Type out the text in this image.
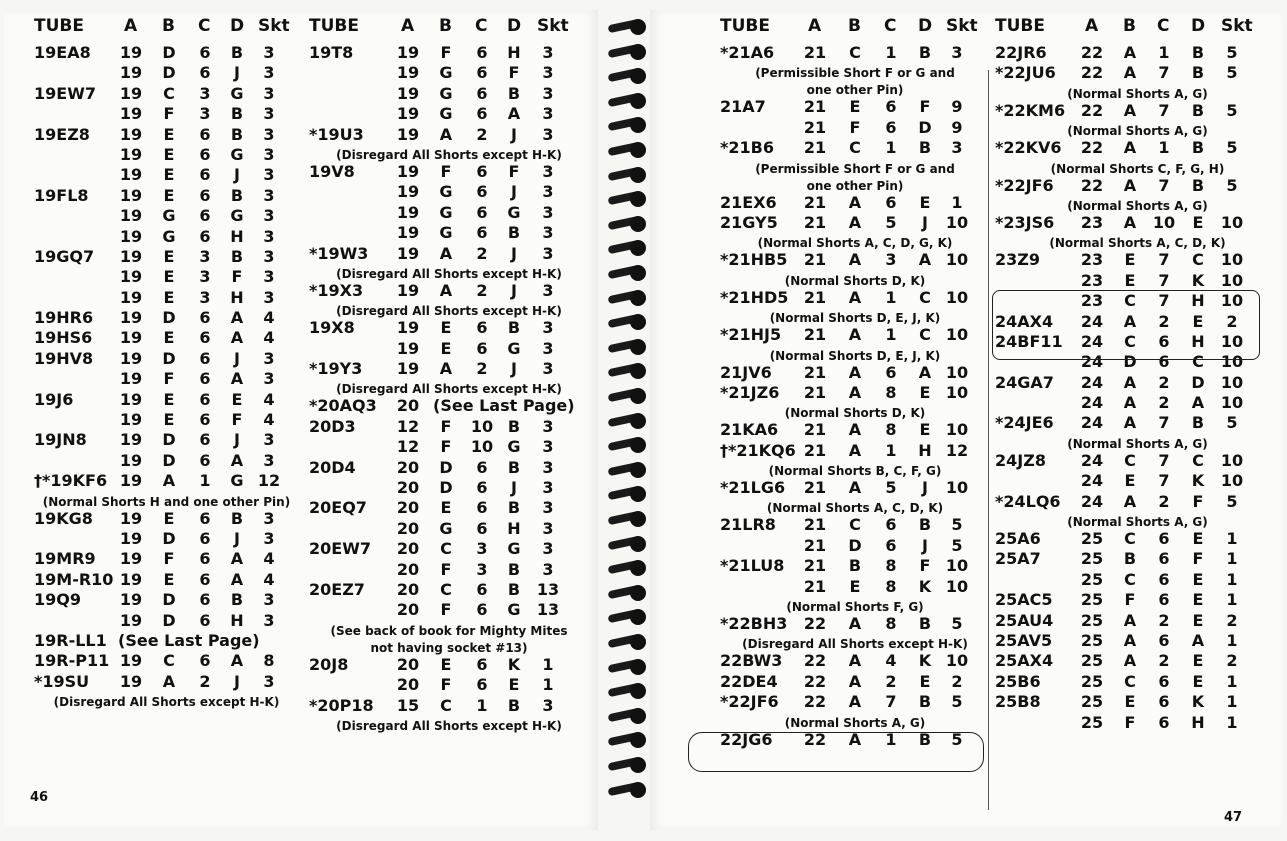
TUBE A B C D Skt
19EA8 19	D	6	B	3
19	D	6	J	3
19EW7 19	C	3	G	3
19	F	3	B	3
19EZ8 19	E	6	B	3
19	E	6	G	3
19	E	6	J	3
19FL8 19	E	6	B	3
19	G	6	G	3
19	G	6	H	3
19GQ7 19	E	3	B	3
19	E	3	F	3
19	E	3	H	3
19HR6 19	D	6	A	4
19HS6 19	E	6	A	4
19HV8 19	D	6	J	3
19	F	6	A	3
19J6	19	E	6	E	4
19	E	6	F	4
19JN8 19	D	6	J	3
19	D	6	A	3
†*19KF6 19	A	1	G 12
(Normal Shorts H and one other Pin)
19KG8 19	E	6	B	3
19	D	6	J	3
19MR9 19	F	6	A	4
19M-R10 19	E	6	A	4
19Q9 19	D	6	B	3
19	D	6	H	3
19R-LL1 (See Last Page)
19R-P11 19	C	6	A	8
*19SU 19	A	2	J	3
(Disregard All Shorts except H-K)
TUBE A B C D Skt
19T8	19	F	6	H	3
19	G	6	F	3
19	G	6	B	3
19	G	6	A	3
*19U3 19	A	2	J	3
(Disregard All Shorts except H-K)
19V8	19	F	6	F	3
19	G	6	J	3
19	G	6	G	3
19	G	6	B	3
*19W3 19	A	2	J	3
(Disregard All Shorts except H-K)
*19X3 19	A	2	J	3
(Disregard All Shorts except H-K)
19X8	19	E	6	B	3
19	E	6	G	3
*19Y3 19	A	2	J	3
(Disregard All Shorts except H-K)
*20AQ3 20 (See Last Page)
20D3	12	F	10 B	3
12	F	10 G	3
20D4	20	D	6	B	3
20	D	6	J	3
20EQ7 20	E	6	B	3
20	G	6	H	3
20EW7 20	C	3	G	3
20	F	3	B	3
20EZ7 20	C	6	B	13
20	F	6	G	13
(See back of book for Mighty Mites
not having socket #13)
20J8	20	E	6	K	1
20	F	6	E	1
*20P18 15	C	1	B	3
(Disregard All Shorts except H-K)
46
TUBE A B C D Skt
*21A6 21	C	1	B	3
(Permissible Short F or G and
one other Pin)
21A7 21	E	6	F	9
21	F	6	D	9
*21B6 21	C	1	B	3
(Permissible Short F or G and
one other Pin)
21EX6 21	A	6	E	1
21GY5 21	A	5	J	10
(Normal Shorts A, C, D, G, K)
*21HB5 21	A	3	A 10
(Normal Shorts D, K)
*21HD5 21	A	1	C 10
(Normal Shorts D, E, J, K)
*21HJ5 21	A	1	C 10
(Normal Shorts D, E, J, K)
21JV6 21	A	6	A 10
*21JZ6 21	A	8	E 10
(Normal Shorts D, K)
21KA6 21	A	8	E 10
†*21KQ6 21	A	1	H 12
(Normal Shorts B, C, F, G)
*21LG6 21	A	5	J	10
(Normal Shorts A, C, D, K)
21LR8 21	C	6	B	5
21	D	6	J	5
*21LU8 21	B	8	F 10
21	E	8	K 10
(Normal Shorts F, G)
*22BH3 22	A	8	B	5
(Disregard All Shorts except H-K)
22BW3 22	A	4	K 10
22DE4 22	A	2	E	2
*22JF6 22	A	7	B	5
(Normal Shorts A, G)
22JG6 22	A	1	B	5
TUBE A B C D Skt
22JR6 22	A	1	B	5
*22JU6 22	A	7	B	5
(Normal Shorts A, G)
*22KM6 22	A	7	B	5
(Normal Shorts A, G)
*22KV6 22	A	1	B	5
(Normal Shorts C, F, G, H)
*22JF6 22	A	7	B	5
(Normal Shorts A, G)
*23JS6 23	A	10	E	10
(Normal Shorts A, C, D, K)
23Z9	23	E	7	C	10
23	E	7	K	10
23	C	7	H	10
24AX4 24	A	2	E	2
24BF11 24	C	6	H	10
24	D	6	C	10
24GA7 24	A	2	D	10
24	A	2	A	10
*24JE6 24	A	7	B	5
(Normal Shorts A, G)
24JZ8 24	C	7	C	10
24	E	7	K	10
*24LQ6 24	A	2	F	5
(Normal Shorts A, G)
25A6	25	C	6	E	1
25A7	25	B	6	F	1
25	C	6	E	1
25AC5 25	F	6	E	1
25AU4 25	A	2	E	2
25AV5 25	A	6	A	1
25AX4 25	A	2	E	2
25B6	25	C	6	E	1
25B8	25	E	6	K	1
25	F	6	H	1
47
